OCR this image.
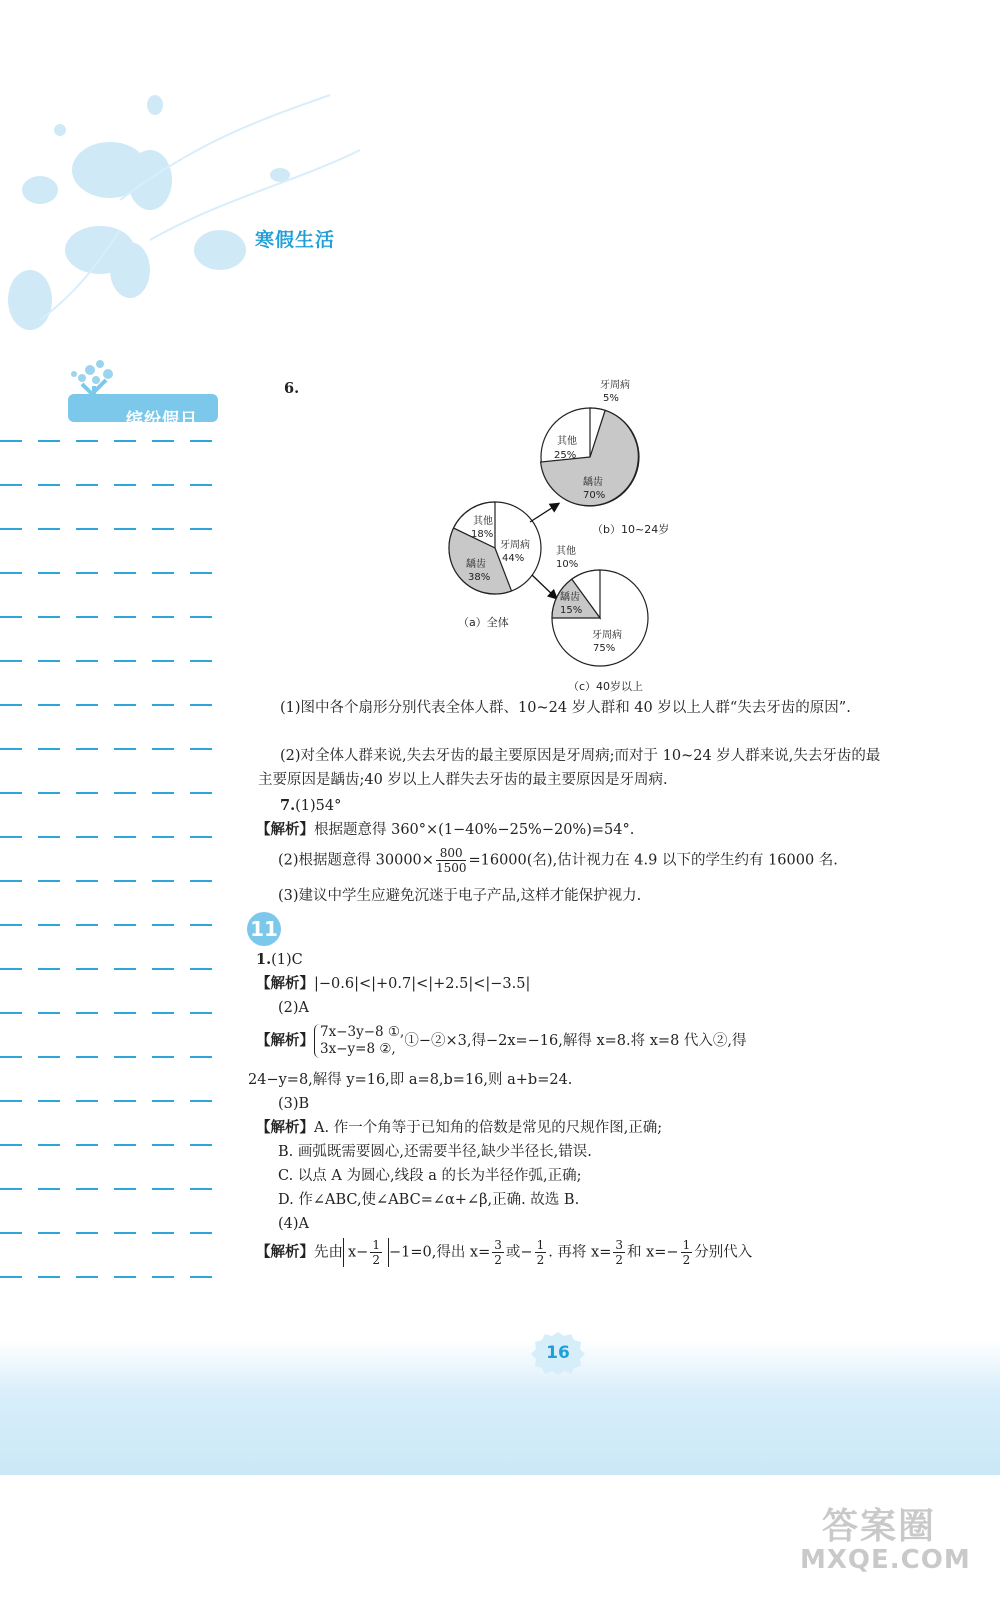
寒假生活
缤纷假日
6.	牙周病
5%
其他
25%
龋齿
70%
（b）10~24岁
其他
18%
龋齿
38%
牙周病
44%
（a）全体
其他
10%
龋齿
15%
牙周病
75%
（c）40岁以上
(1)图中各个扇形分别代表全体人群、10~24 岁人群和 40 岁以上人群“失去牙齿的原因”.
(2)对全体人群来说,失去牙齿的最主要原因是牙周病;而对于 10~24 岁人群来说,失去牙齿的最主要原因是龋齿;40 岁以上人群失去牙齿的最主要原因是牙周病.
7.(1)54°
【解析】根据题意得 360°×(1−40%−25%−20%)=54°.
(2)根据题意得 $30000\times \frac{800}{1500} =16000$(名),估计视力在 4.9 以下的学生约有 16000 名.
(3)建议中学生应避免沉迷于电子产品,这样才能保护视力.
11
1.(1)C
【解析】|−0.6|<|+0.7|<|+2.5|<|−3.5|
(2)A
【解析】 7x−3y−8 ①,
3x−y=8 ②, ①−②×3,得−2x=−16,解得 x=8.将 x=8 代入②,得
24−y=8,解得 y=16,即 a=8,b=16,则 a+b=24.
(3)B
【解析】A. 作一个角等于已知角的倍数是常见的尺规作图,正确;
B. 画弧既需要圆心,还需要半径,缺少半径长,错误.
C. 以点 A 为圆心,线段 a 的长为半径作弧,正确;
D. 作∠ABC,使∠ABC=∠α+∠β,正确. 故选 B.
(4)A
【解析】先由 $x- \frac{1}{2} -1=0$,得出 $x= \frac{3}{2}$ 或− $\frac{1}{2}$ . 再将 $x= \frac{3}{2}$ 和 $x=- \frac{1}{2}$ 分别代入
16
答案圈
MXQE.COM
